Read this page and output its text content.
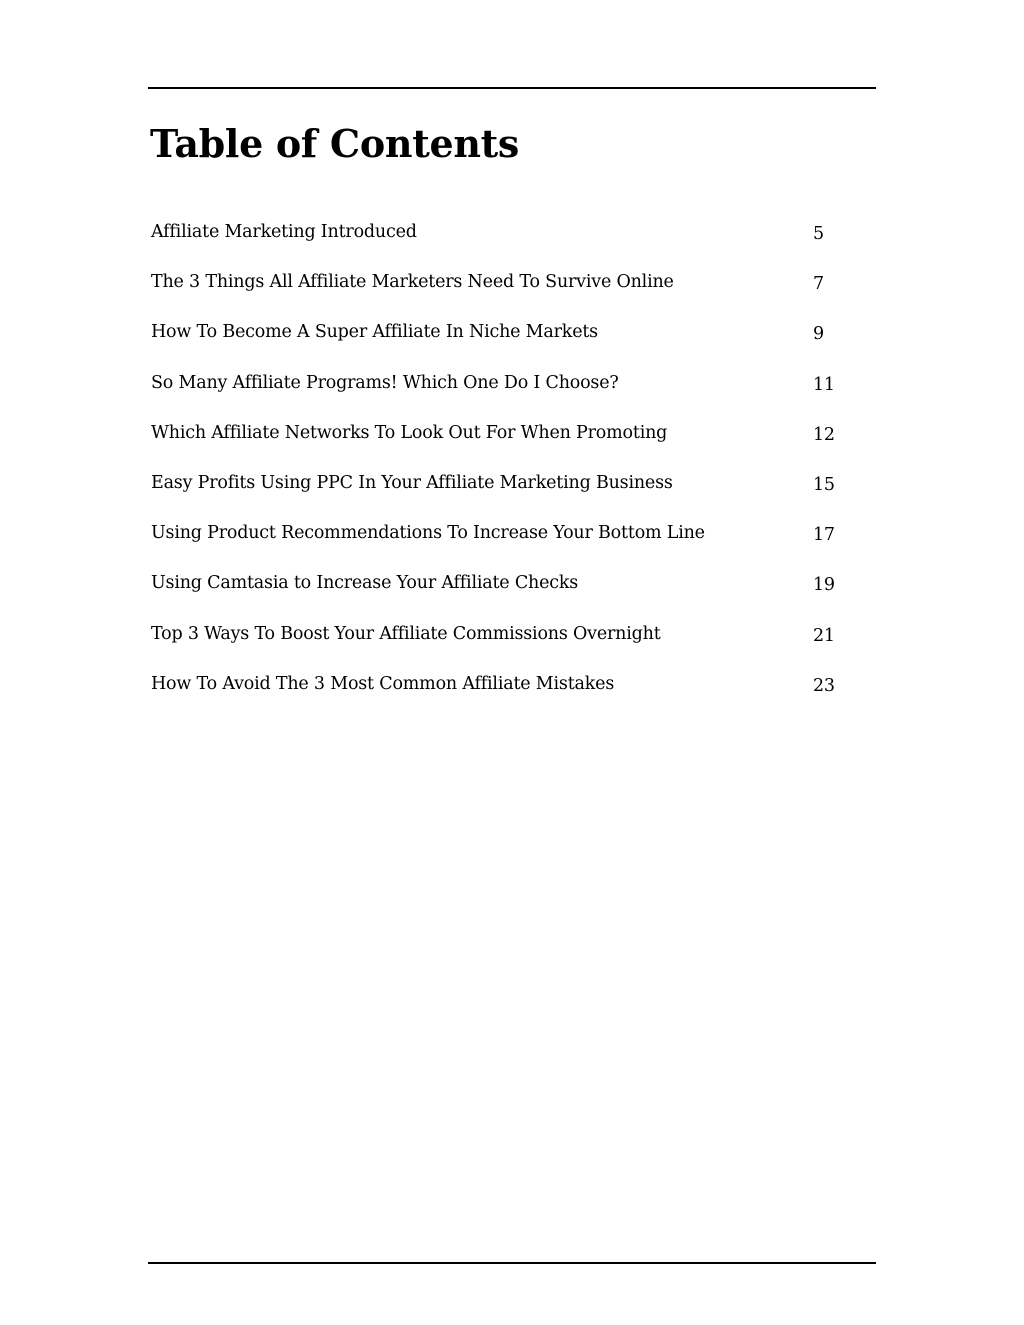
Table of Contents
Affiliate Marketing Introduced	5
The 3 Things All Affiliate Marketers Need To Survive Online	7
How To Become A Super Affiliate In Niche Markets	9
So Many Affiliate Programs! Which One Do I Choose?	11
Which Affiliate Networks To Look Out For When Promoting	12
Easy Profits Using PPC In Your Affiliate Marketing Business	15
Using Product Recommendations To Increase Your Bottom Line	17
Using Camtasia to Increase Your Affiliate Checks	19
Top 3 Ways To Boost Your Affiliate Commissions Overnight	21
How To Avoid The 3 Most Common Affiliate Mistakes	23
